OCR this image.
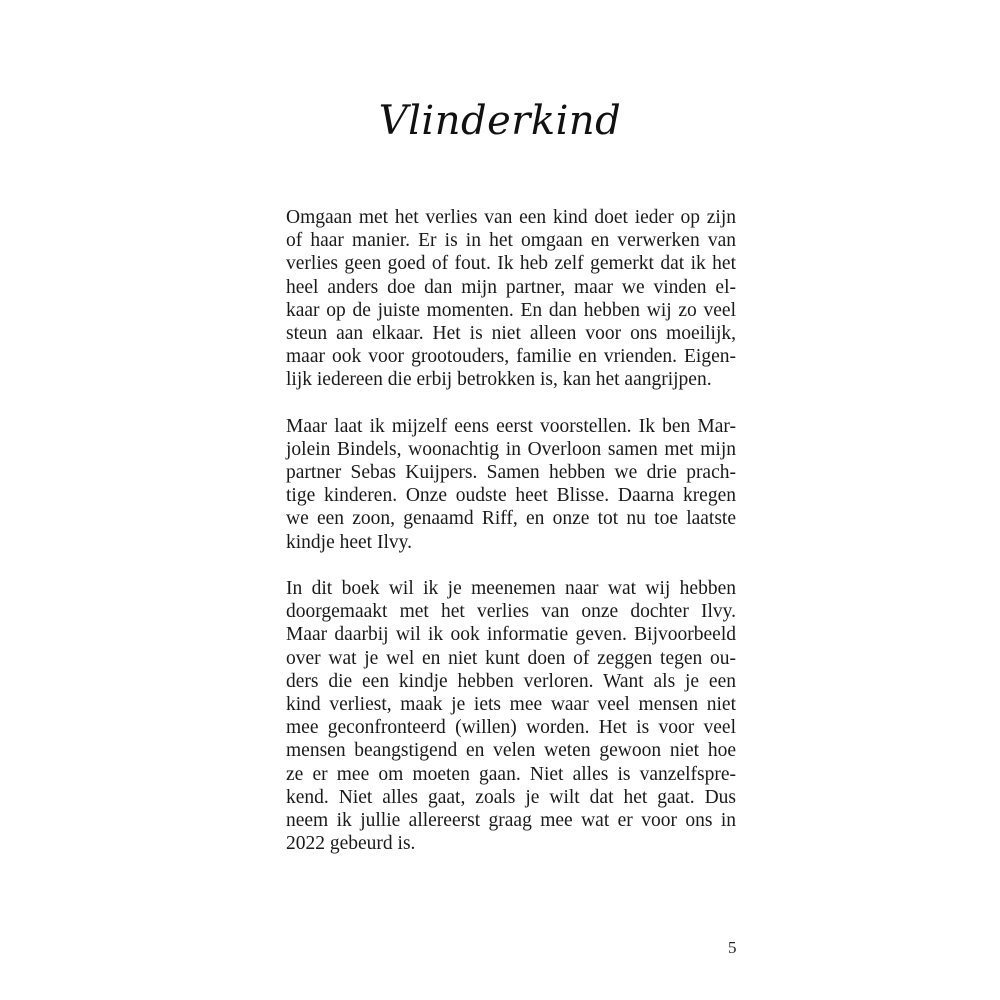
Vlinderkind
Omgaan met het verlies van een kind doet ieder op zijn
of haar manier. Er is in het omgaan en verwerken van
verlies geen goed of fout. Ik heb zelf gemerkt dat ik het
heel anders doe dan mijn partner, maar we vinden el-
kaar op de juiste momenten. En dan hebben wij zo veel
steun aan elkaar. Het is niet alleen voor ons moeilijk,
maar ook voor grootouders, familie en vrienden. Eigen-
lijk iedereen die erbij betrokken is, kan het aangrijpen.
Maar laat ik mijzelf eens eerst voorstellen. Ik ben Mar-
jolein Bindels, woonachtig in Overloon samen met mijn
partner Sebas Kuijpers. Samen hebben we drie prach-
tige kinderen. Onze oudste heet Blisse. Daarna kregen
we een zoon, genaamd Riff, en onze tot nu toe laatste
kindje heet Ilvy.
In dit boek wil ik je meenemen naar wat wij hebben
doorgemaakt met het verlies van onze dochter Ilvy.
Maar daarbij wil ik ook informatie geven. Bijvoorbeeld
over wat je wel en niet kunt doen of zeggen tegen ou-
ders die een kindje hebben verloren. Want als je een
kind verliest, maak je iets mee waar veel mensen niet
mee geconfronteerd (willen) worden. Het is voor veel
mensen beangstigend en velen weten gewoon niet hoe
ze er mee om moeten gaan. Niet alles is vanzelfspre-
kend. Niet alles gaat, zoals je wilt dat het gaat. Dus
neem ik jullie allereerst graag mee wat er voor ons in
2022 gebeurd is.
5
